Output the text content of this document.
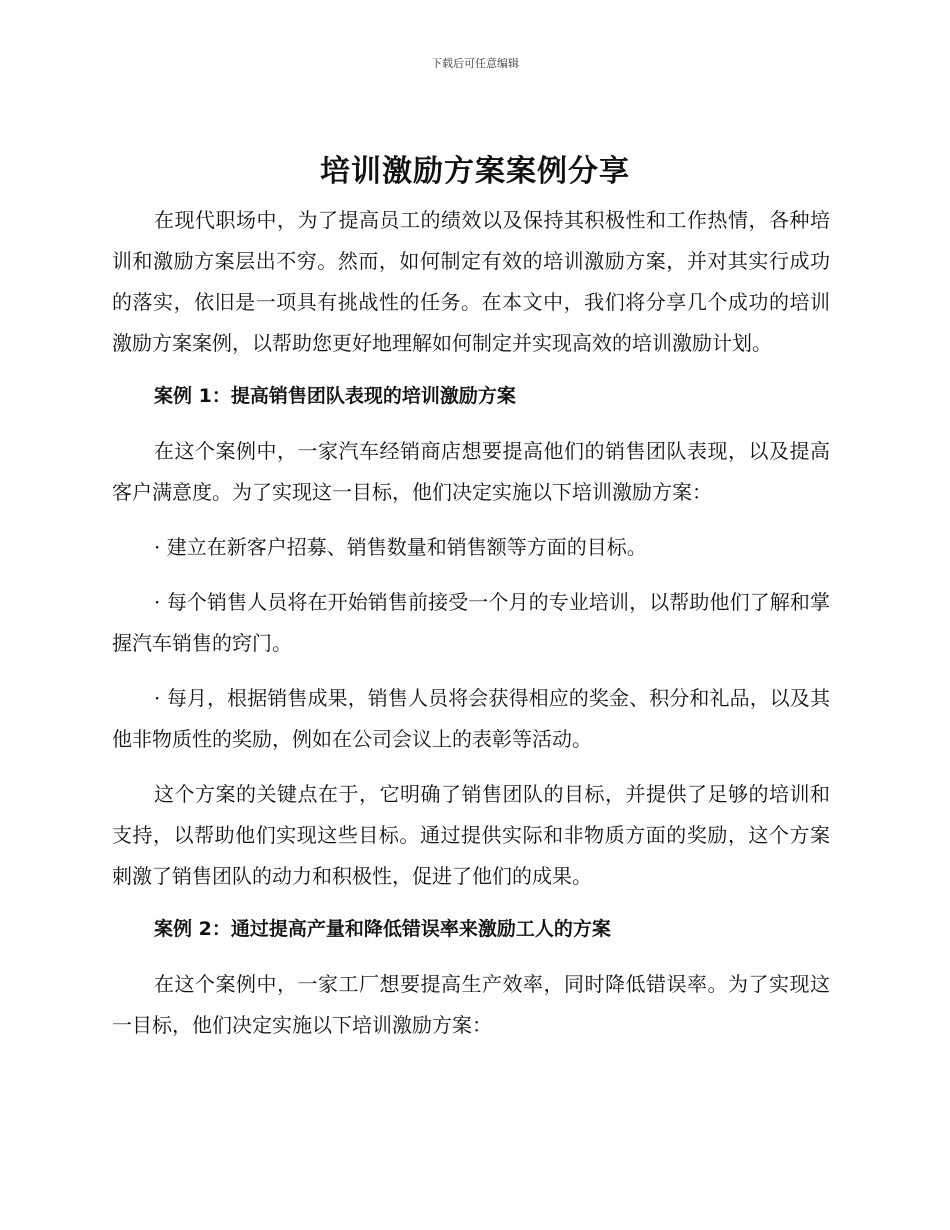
下载后可任意编辑
培训激励方案案例分享

在现代职场中，为了提高员工的绩效以及保持其积极性和工作热情，各种培训和激励方案层出不穷。然而，如何制定有效的培训激励方案，并对其实行成功的落实，依旧是一项具有挑战性的任务。在本文中，我们将分享几个成功的培训激励方案案例，以帮助您更好地理解如何制定并实现高效的培训激励计划。

案例 1：提高销售团队表现的培训激励方案

在这个案例中，一家汽车经销商店想要提高他们的销售团队表现，以及提高客户满意度。为了实现这一目标，他们决定实施以下培训激励方案：

· 建立在新客户招募、销售数量和销售额等方面的目标。

· 每个销售人员将在开始销售前接受一个月的专业培训，以帮助他们了解和掌握汽车销售的窍门。

· 每月，根据销售成果，销售人员将会获得相应的奖金、积分和礼品，以及其他非物质性的奖励，例如在公司会议上的表彰等活动。

这个方案的关键点在于，它明确了销售团队的目标，并提供了足够的培训和支持，以帮助他们实现这些目标。通过提供实际和非物质方面的奖励，这个方案刺激了销售团队的动力和积极性，促进了他们的成果。

案例 2：通过提高产量和降低错误率来激励工人的方案

在这个案例中，一家工厂想要提高生产效率，同时降低错误率。为了实现这一目标，他们决定实施以下培训激励方案：
